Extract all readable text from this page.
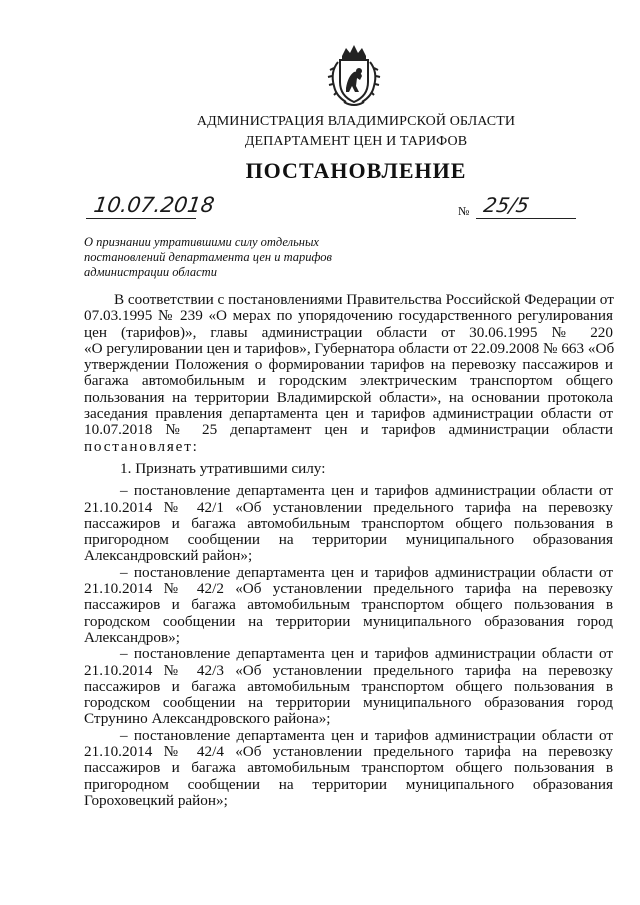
АДМИНИСТРАЦИЯ ВЛАДИМИРСКОЙ ОБЛАСТИ
ДЕПАРТАМЕНТ ЦЕН И ТАРИФОВ
ПОСТАНОВЛЕНИЕ
10.07.2018	№ 25/5
О признании утратившими силу отдельных
постановлений департамента цен и тарифов
администрации области
В соответствии с постановлениями Правительства Российской Федерации от
07.03.1995 № 239 «О мерах по упорядочению государственного регулирования
цен (тарифов)», главы администрации области от 30.06.1995 № 220
«О регулировании цен и тарифов», Губернатора области от 22.09.2008 № 663 «Об
утверждении Положения о формировании тарифов на перевозку пассажиров и
багажа автомобильным и городским электрическим транспортом общего
пользования на территории Владимирской области», на основании протокола
заседания правления департамента цен и тарифов администрации области от
10.07.2018 № 25 департамент цен и тарифов администрации области
постановляет:
1. Признать утратившими силу:
– постановление департамента цен и тарифов администрации области от
21.10.2014 № 42/1 «Об установлении предельного тарифа на перевозку
пассажиров и багажа автомобильным транспортом общего пользования в
пригородном сообщении на территории муниципального образования
Александровский район»;
– постановление департамента цен и тарифов администрации области от
21.10.2014 № 42/2 «Об установлении предельного тарифа на перевозку
пассажиров и багажа автомобильным транспортом общего пользования в
городском сообщении на территории муниципального образования город
Александров»;
– постановление департамента цен и тарифов администрации области от
21.10.2014 № 42/3 «Об установлении предельного тарифа на перевозку
пассажиров и багажа автомобильным транспортом общего пользования в
городском сообщении на территории муниципального образования город
Струнино Александровского района»;
– постановление департамента цен и тарифов администрации области от
21.10.2014 № 42/4 «Об установлении предельного тарифа на перевозку
пассажиров и багажа автомобильным транспортом общего пользования в
пригородном сообщении на территории муниципального образования
Гороховецкий район»;
